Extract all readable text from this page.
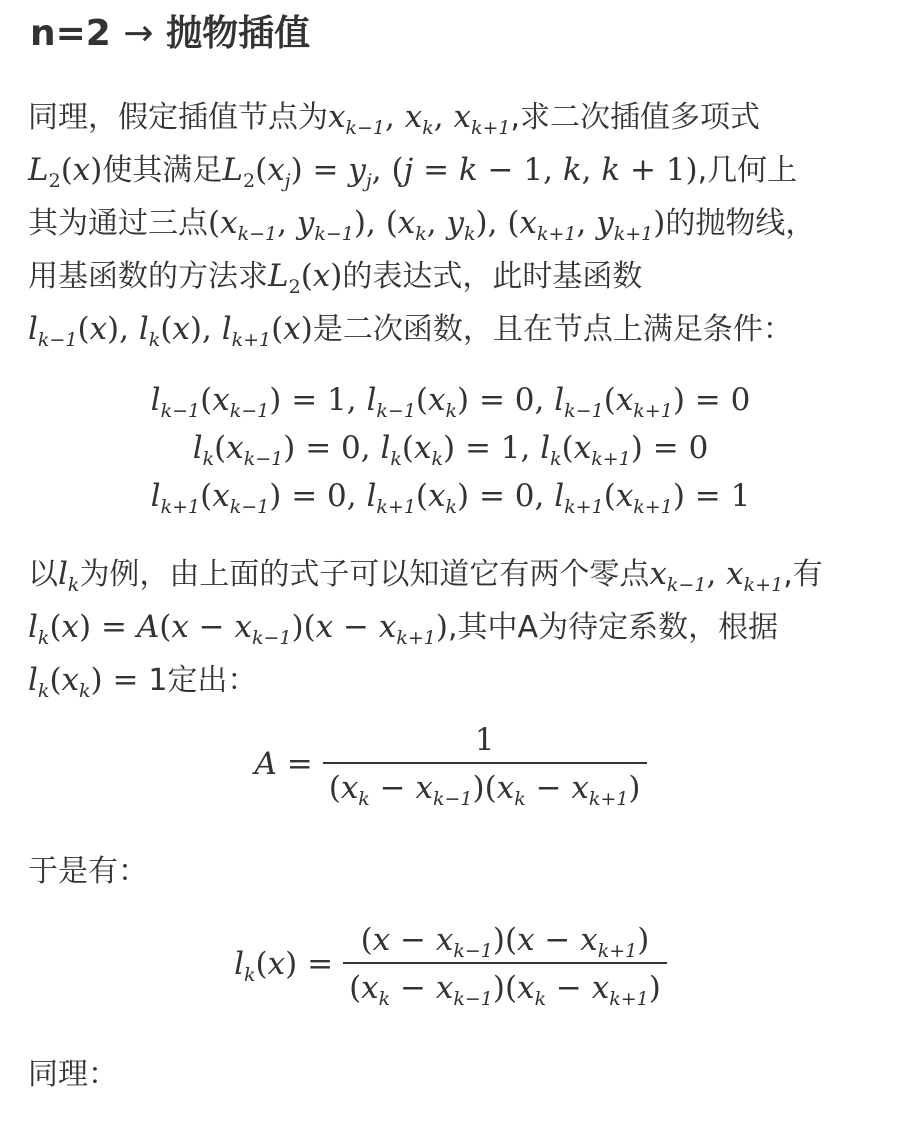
n=2 → 抛物插值
同理，假定插值节点为$x_{k-1}$, $x_k$, $x_{k+1}$,求二次插值多项式
$L_2(x)$使其满足$L_2(x_j) = y_j$, (j = k − 1, k, k + 1),几何上
其为通过三点($x_{k-1}$, $y_{k-1}$), ($x_k$, $y_k$), ($x_{k+1}$, $y_{k+1}$)的抛物线，
用基函数的方法求$L_2(x)$的表达式，此时基函数
$l_{k-1}(x)$, $l_k(x)$, $l_{k+1}(x)$是二次函数，且在节点上满足条件：
$l_{k-1}(x_{k-1}) = 1$, $l_{k-1}(x_k) = 0$, $l_{k-1}(x_{k+1}) = 0$
$l_k(x_{k-1}) = 0$, $l_k(x_k) = 1$, $l_k(x_{k+1}) = 0$
$l_{k+1}(x_{k-1}) = 0$, $l_{k+1}(x_k) = 0$, $l_{k+1}(x_{k+1}) = 1$
以$l_k$为例，由上面的式子可以知道它有两个零点$x_{k-1}$, $x_{k+1}$,有
$l_k(x) = A(x - x_{k-1})(x - x_{k+1})$,其中A为待定系数，根据
$l_k(x_k) = 1$定出：
$A = \frac{1}{(x_k - x_{k-1})(x_k - x_{k+1})}$
于是有：
$l_k(x) = \frac{(x - x_{k-1})(x - x_{k+1})}{(x_k - x_{k-1})(x_k - x_{k+1})}$
同理：
